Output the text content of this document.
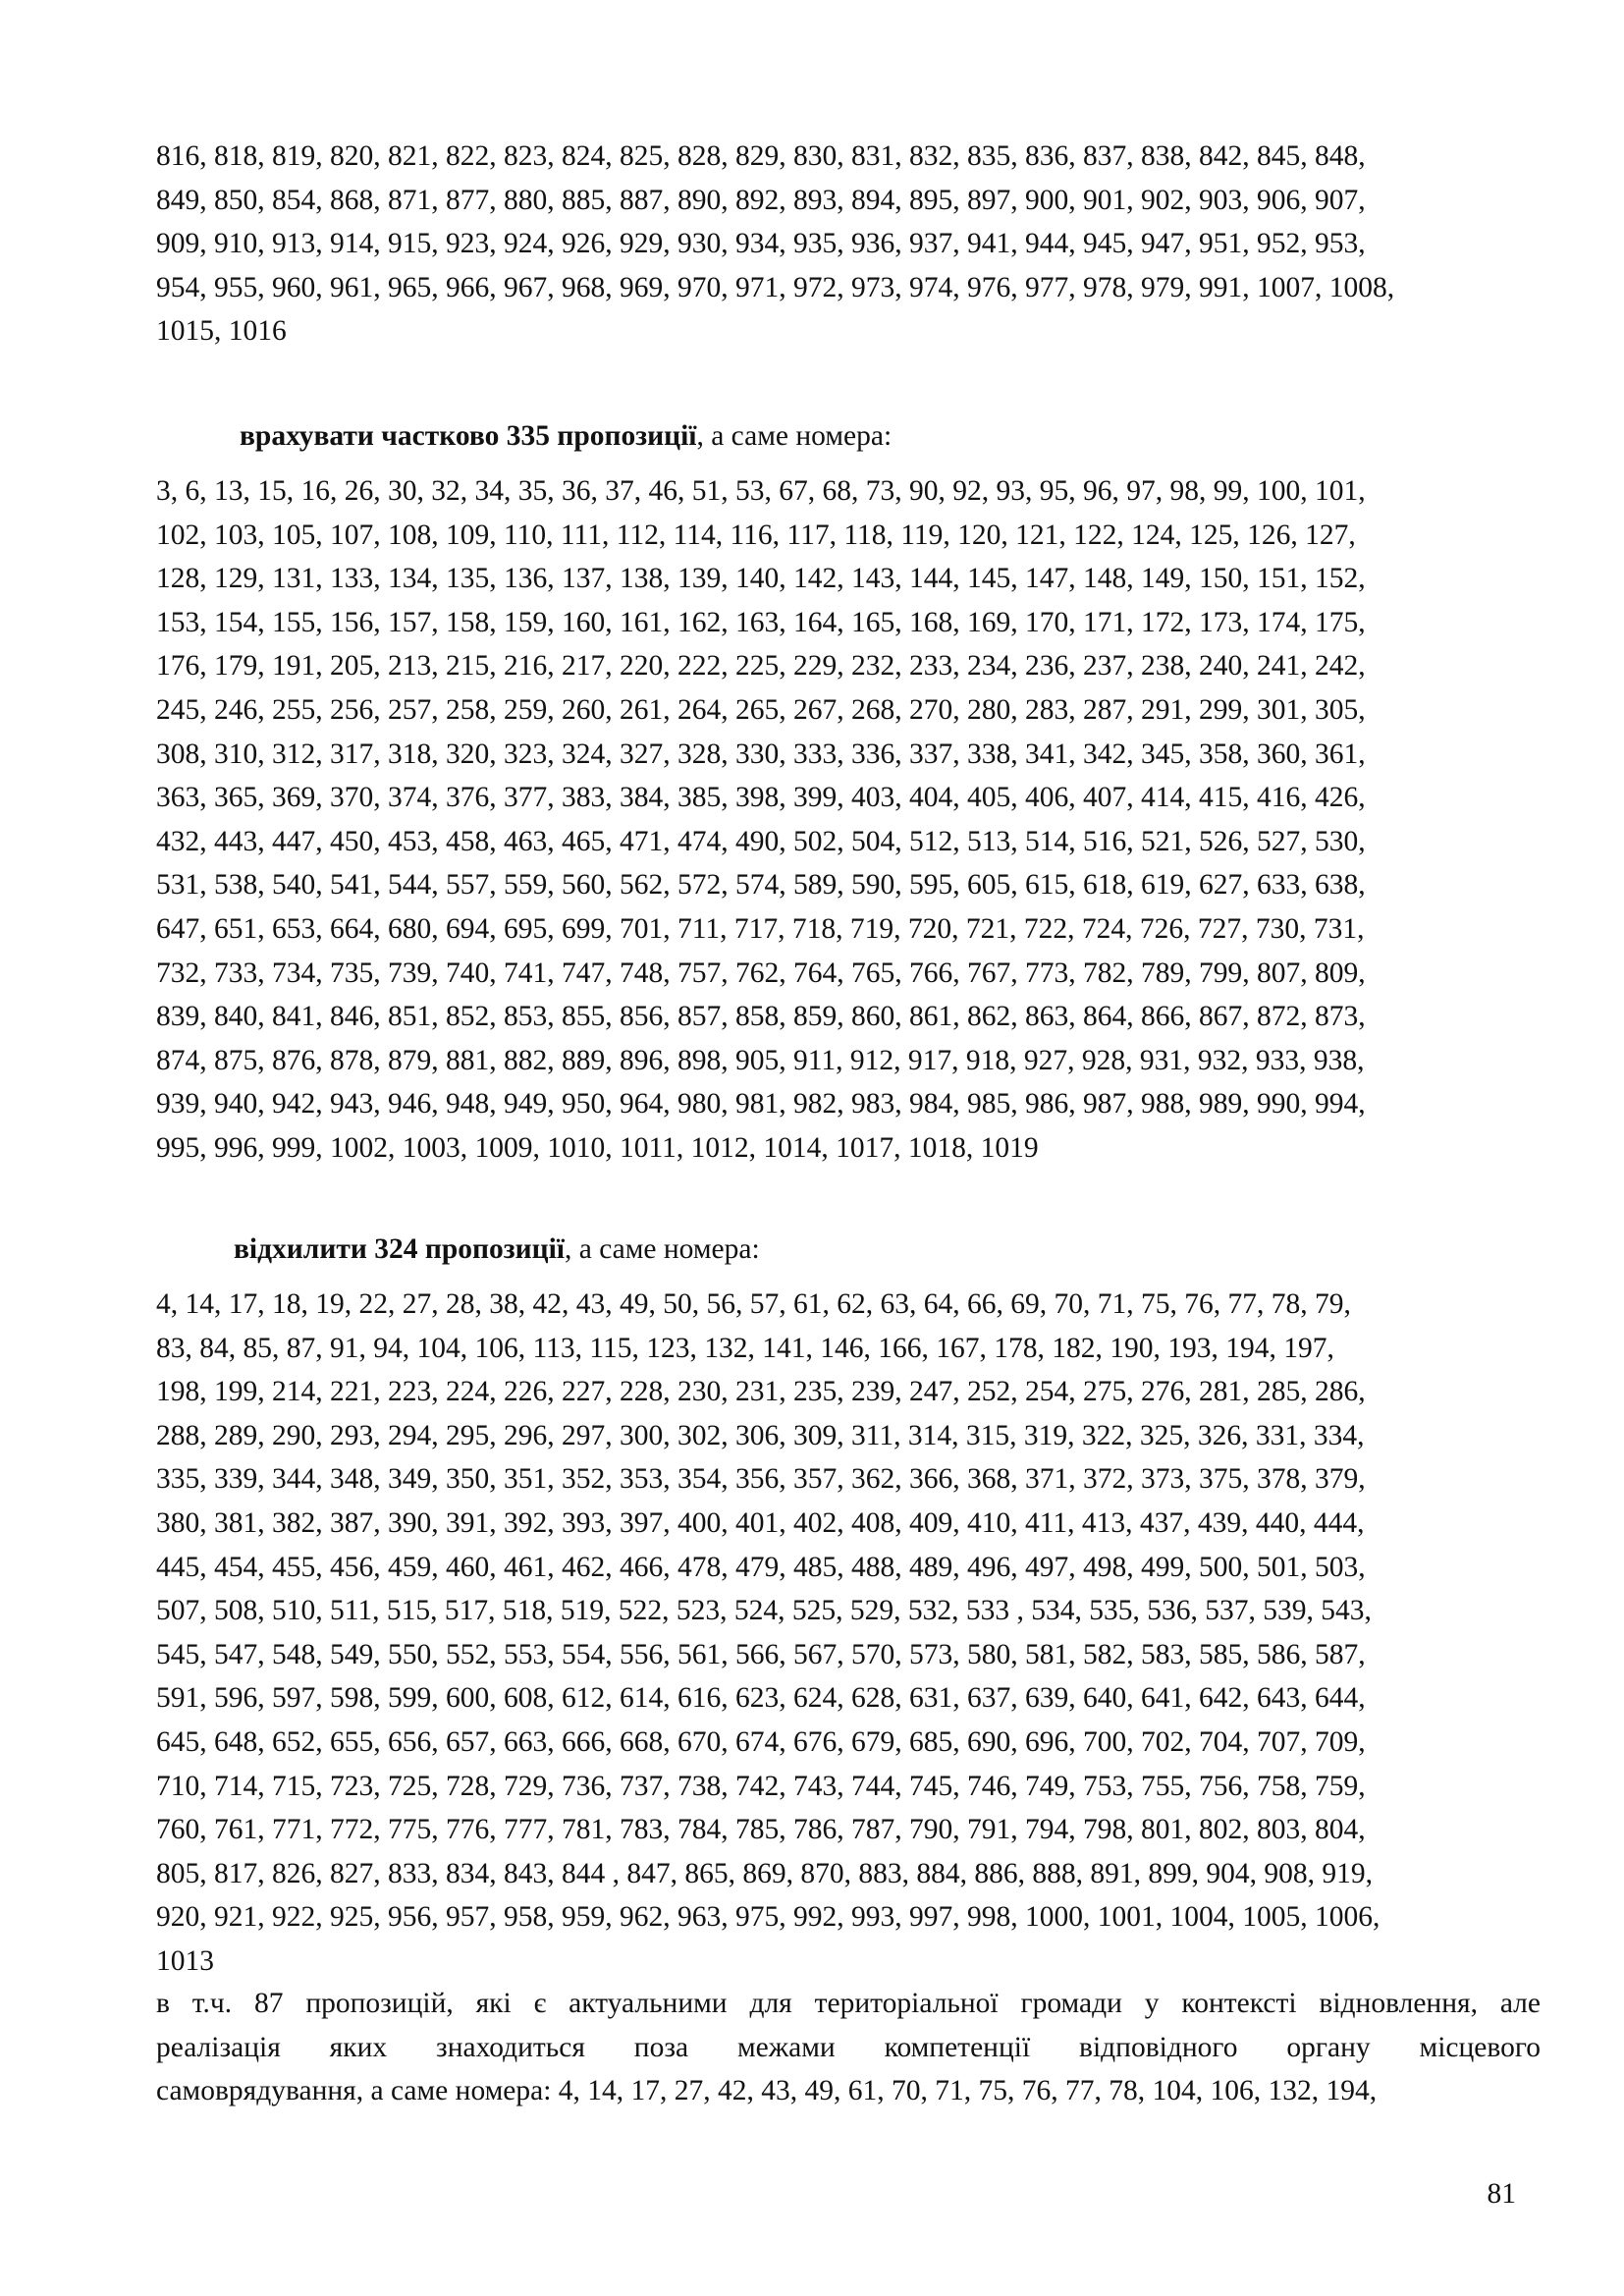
816, 818, 819, 820, 821, 822, 823, 824, 825, 828, 829, 830, 831, 832, 835, 836, 837, 838, 842, 845, 848,
849, 850, 854, 868, 871, 877, 880, 885, 887, 890, 892, 893, 894, 895, 897, 900, 901, 902, 903, 906, 907,
909, 910, 913, 914, 915, 923, 924, 926, 929, 930, 934, 935, 936, 937, 941, 944, 945, 947, 951, 952, 953,
954, 955, 960, 961, 965, 966, 967, 968, 969, 970, 971, 972, 973, 974, 976, 977, 978, 979, 991, 1007, 1008,
1015, 1016
врахувати частково 335 пропозиції, а саме номера:
3, 6, 13, 15, 16, 26, 30, 32, 34, 35, 36, 37, 46, 51, 53, 67, 68, 73, 90, 92, 93, 95, 96, 97, 98, 99, 100, 101,
102, 103, 105, 107, 108, 109, 110, 111, 112, 114, 116, 117, 118, 119, 120, 121, 122, 124, 125, 126, 127,
128, 129, 131, 133, 134, 135, 136, 137, 138, 139, 140, 142, 143, 144, 145, 147, 148, 149, 150, 151, 152,
153, 154, 155, 156, 157, 158, 159, 160, 161, 162, 163, 164, 165, 168, 169, 170, 171, 172, 173, 174, 175,
176, 179, 191, 205, 213, 215, 216, 217, 220, 222, 225, 229, 232, 233, 234, 236, 237, 238, 240, 241, 242,
245, 246, 255, 256, 257, 258, 259, 260, 261, 264, 265, 267, 268, 270, 280, 283, 287, 291, 299, 301, 305,
308, 310, 312, 317, 318, 320, 323, 324, 327, 328, 330, 333, 336, 337, 338, 341, 342, 345, 358, 360, 361,
363, 365, 369, 370, 374, 376, 377, 383, 384, 385, 398, 399, 403, 404, 405, 406, 407, 414, 415, 416, 426,
432, 443, 447, 450, 453, 458, 463, 465, 471, 474, 490, 502, 504, 512, 513, 514, 516, 521, 526, 527, 530,
531, 538, 540, 541, 544, 557, 559, 560, 562, 572, 574, 589, 590, 595, 605, 615, 618, 619, 627, 633, 638,
647, 651, 653, 664, 680, 694, 695, 699, 701, 711, 717, 718, 719, 720, 721, 722, 724, 726, 727, 730, 731,
732, 733, 734, 735, 739, 740, 741, 747, 748, 757, 762, 764, 765, 766, 767, 773, 782, 789, 799, 807, 809,
839, 840, 841, 846, 851, 852, 853, 855, 856, 857, 858, 859, 860, 861, 862, 863, 864, 866, 867, 872, 873,
874, 875, 876, 878, 879, 881, 882, 889, 896, 898, 905, 911, 912, 917, 918, 927, 928, 931, 932, 933, 938,
939, 940, 942, 943, 946, 948, 949, 950, 964, 980, 981, 982, 983, 984, 985, 986, 987, 988, 989, 990, 994,
995, 996, 999, 1002, 1003, 1009, 1010, 1011, 1012, 1014, 1017, 1018, 1019
відхилити 324 пропозиції, а саме номера:
4, 14, 17, 18, 19, 22, 27, 28, 38, 42, 43, 49, 50, 56, 57, 61, 62, 63, 64, 66, 69, 70, 71, 75, 76, 77, 78, 79,
83, 84, 85, 87, 91, 94, 104, 106, 113, 115, 123, 132, 141, 146, 166, 167, 178, 182, 190, 193, 194, 197,
198, 199, 214, 221, 223, 224, 226, 227, 228, 230, 231, 235, 239, 247, 252, 254, 275, 276, 281, 285, 286,
288, 289, 290, 293, 294, 295, 296, 297, 300, 302, 306, 309, 311, 314, 315, 319, 322, 325, 326, 331, 334,
335, 339, 344, 348, 349, 350, 351, 352, 353, 354, 356, 357, 362, 366, 368, 371, 372, 373, 375, 378, 379,
380, 381, 382, 387, 390, 391, 392, 393, 397, 400, 401, 402, 408, 409, 410, 411, 413, 437, 439, 440, 444,
445, 454, 455, 456, 459, 460, 461, 462, 466, 478, 479, 485, 488, 489, 496, 497, 498, 499, 500, 501, 503,
507, 508, 510, 511, 515, 517, 518, 519, 522, 523, 524, 525, 529, 532, 533 , 534, 535, 536, 537, 539, 543,
545, 547, 548, 549, 550, 552, 553, 554, 556, 561, 566, 567, 570, 573, 580, 581, 582, 583, 585, 586, 587,
591, 596, 597, 598, 599, 600, 608, 612, 614, 616, 623, 624, 628, 631, 637, 639, 640, 641, 642, 643, 644,
645, 648, 652, 655, 656, 657, 663, 666, 668, 670, 674, 676, 679, 685, 690, 696, 700, 702, 704, 707, 709,
710, 714, 715, 723, 725, 728, 729, 736, 737, 738, 742, 743, 744, 745, 746, 749, 753, 755, 756, 758, 759,
760, 761, 771, 772, 775, 776, 777, 781, 783, 784, 785, 786, 787, 790, 791, 794, 798, 801, 802, 803, 804,
805, 817, 826, 827, 833, 834, 843, 844 , 847, 865, 869, 870, 883, 884, 886, 888, 891, 899, 904, 908, 919,
920, 921, 922, 925, 956, 957, 958, 959, 962, 963, 975, 992, 993, 997, 998, 1000, 1001, 1004, 1005, 1006,
1013
в т.ч. 87 пропозицій, які є актуальними для територіальної громади у контексті відновлення, але
реалізація яких знаходиться поза межами компетенції відповідного органу місцевого
самоврядування, а саме номера: 4, 14, 17, 27, 42, 43, 49, 61, 70, 71, 75, 76, 77, 78, 104, 106, 132, 194,
81
